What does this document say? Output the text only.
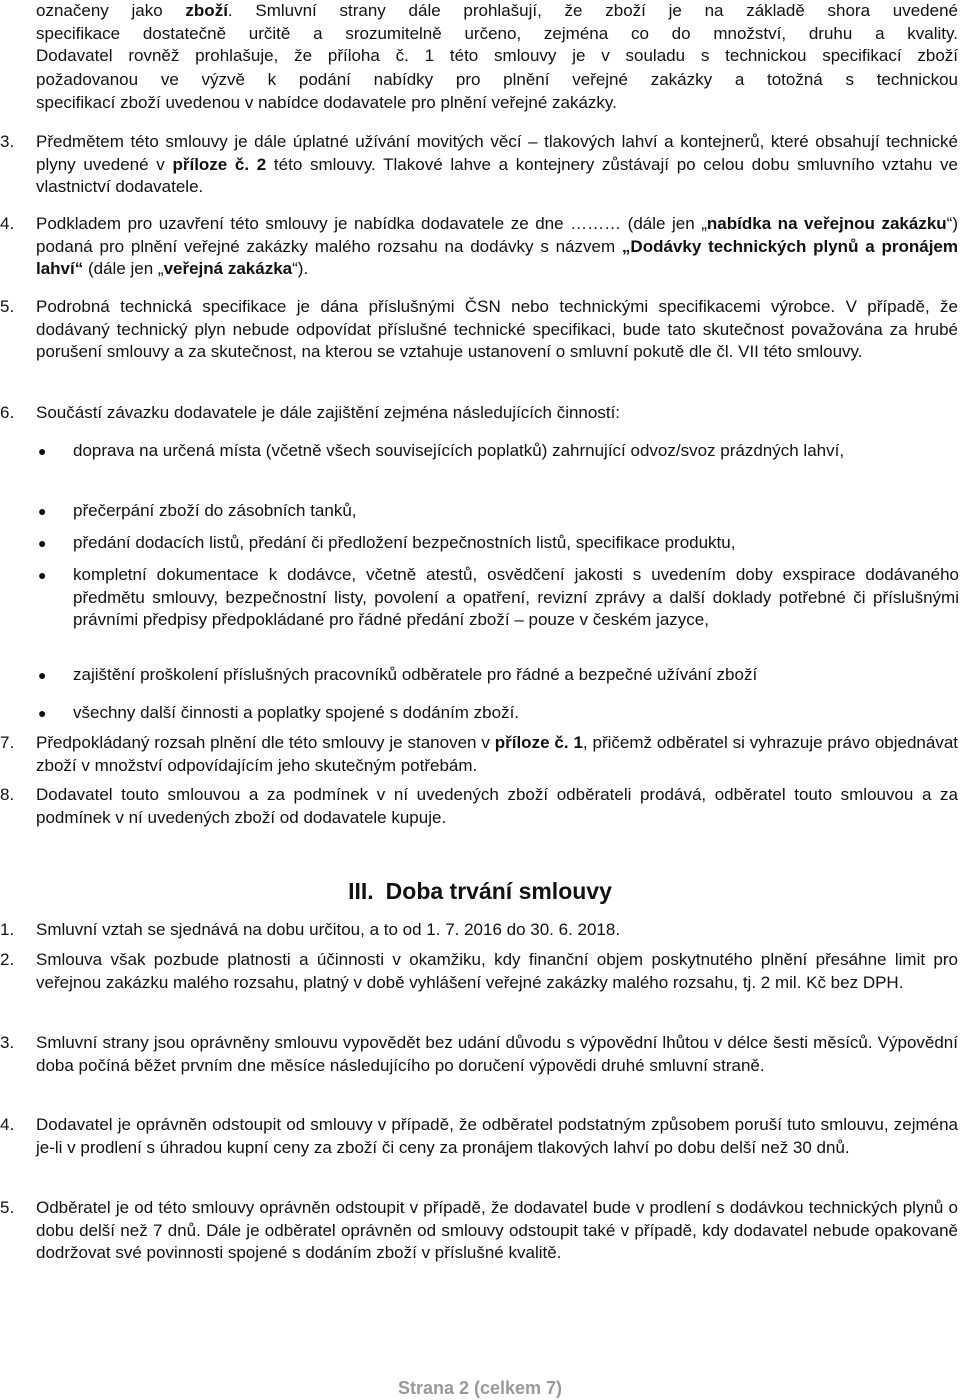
označeny jako zboží. Smluvní strany dále prohlašují, že zboží je na základě shora uvedené

specifikace dostatečně určitě a srozumitelně určeno, zejména co do množství, druhu a kvality.

Dodavatel rovněž prohlašuje, že příloha č. 1 této smlouvy je v souladu s technickou specifikací zboží

požadovanou ve výzvě k podání nabídky pro plnění veřejné zakázky a totožná s technickou

specifikací zboží uvedenou v nabídce dodavatele pro plnění veřejné zakázky.

3. Předmětem této smlouvy je dále úplatné užívání movitých věcí – tlakových lahví a kontejnerů, které obsahují technické plyny uvedené v příloze č. 2 této smlouvy. Tlakové lahve a kontejnery zůstávají po celou dobu smluvního vztahu ve vlastnictví dodavatele.

4. Podkladem pro uzavření této smlouvy je nabídka dodavatele ze dne ……… (dále jen „nabídka na veřejnou zakázku“) podaná pro plnění veřejné zakázky malého rozsahu na dodávky s názvem „Dodávky technických plynů a pronájem lahví“ (dále jen „veřejná zakázka“).

5. Podrobná technická specifikace je dána příslušnými ČSN nebo technickými specifikacemi výrobce. V případě, že dodávaný technický plyn nebude odpovídat příslušné technické specifikaci, bude tato skutečnost považována za hrubé porušení smlouvy a za skutečnost, na kterou se vztahuje ustanovení o smluvní pokutě dle čl. VII této smlouvy.

6. Součástí závazku dodavatele je dále zajištění zejména následujících činností:

● doprava na určená místa (včetně všech souvisejících poplatků) zahrnující odvoz/svoz prázdných lahví,

● přečerpání zboží do zásobních tanků,

● předání dodacích listů, předání či předložení bezpečnostních listů, specifikace produktu,

● kompletní dokumentace k dodávce, včetně atestů, osvědčení jakosti s uvedením doby exspirace dodávaného předmětu smlouvy, bezpečnostní listy, povolení a opatření, revizní zprávy a další doklady potřebné či příslušnými právními předpisy předpokládané pro řádné předání zboží – pouze v českém jazyce,

● zajištění proškolení příslušných pracovníků odběratele pro řádné a bezpečné užívání zboží

● všechny další činnosti a poplatky spojené s dodáním zboží.

7. Předpokládaný rozsah plnění dle této smlouvy je stanoven v příloze č. 1, přičemž odběratel si vyhrazuje právo objednávat zboží v množství odpovídajícím jeho skutečným potřebám.

8. Dodavatel touto smlouvou a za podmínek v ní uvedených zboží odběrateli prodává, odběratel touto smlouvou a za podmínek v ní uvedených zboží od dodavatele kupuje.

III. Doba trvání smlouvy
1. Smluvní vztah se sjednává na dobu určitou, a to od 1. 7. 2016 do 30. 6. 2018.

2. Smlouva však pozbude platnosti a účinnosti v okamžiku, kdy finanční objem poskytnutého plnění přesáhne limit pro veřejnou zakázku malého rozsahu, platný v době vyhlášení veřejné zakázky malého rozsahu, tj. 2 mil. Kč bez DPH.

3. Smluvní strany jsou oprávněny smlouvu vypovědět bez udání důvodu s výpovědní lhůtou v délce šesti měsíců. Výpovědní doba počíná běžet prvním dne měsíce následujícího po doručení výpovědi druhé smluvní straně.

4. Dodavatel je oprávněn odstoupit od smlouvy v případě, že odběratel podstatným způsobem poruší tuto smlouvu, zejména je-li v prodlení s úhradou kupní ceny za zboží či ceny za pronájem tlakových lahví po dobu delší než 30 dnů.

5. Odběratel je od této smlouvy oprávněn odstoupit v případě, že dodavatel bude v prodlení s dodávkou technických plynů o dobu delší než 7 dnů. Dále je odběratel oprávněn od smlouvy odstoupit také v případě, kdy dodavatel nebude opakovaně dodržovat své povinnosti spojené s dodáním zboží v příslušné kvalitě.

Strana 2 (celkem 7)
